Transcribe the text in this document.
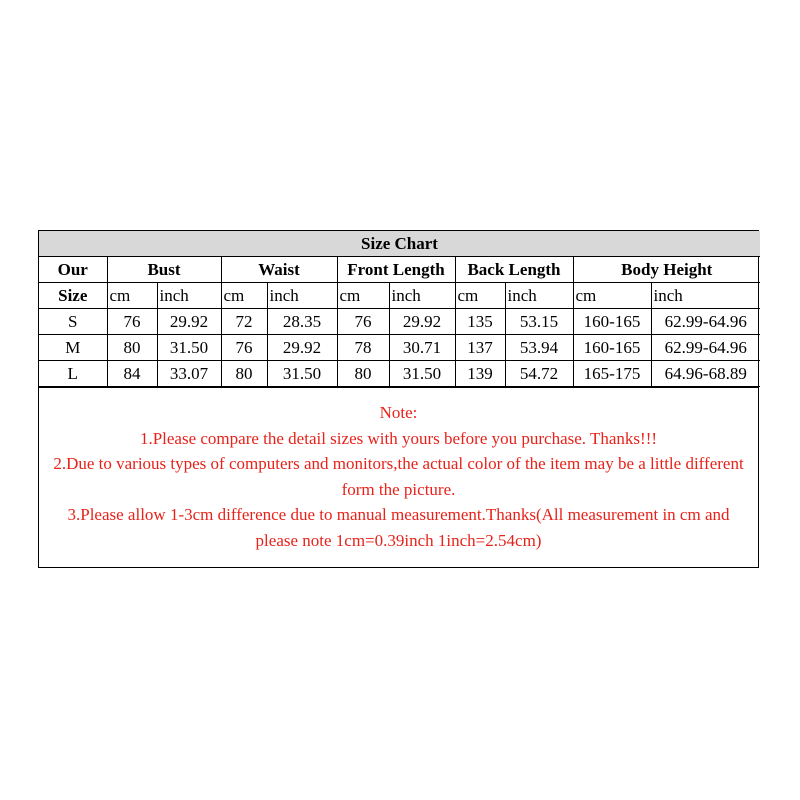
Size Chart										
Our	Bust		Waist		Front Length		Back Length		Body Height	
Size	cm	inch	cm	inch	cm	inch	cm	inch	cm	inch
S	76	29.92	72	28.35	76	29.92	135	53.15	160-165	62.99-64.96
M	80	31.50	76	29.92	78	30.71	137	53.94	160-165	62.99-64.96
L	84	33.07	80	31.50	80	31.50	139	54.72	165-175	64.96-68.89

Note:

1.Please compare the detail sizes with yours before you purchase. Thanks!!!

2.Due to various types of computers and monitors,the actual color of the item may be a little different form the picture.

3.Please allow 1-3cm difference due to manual measurement.Thanks(All measurement in cm and please note 1cm=0.39inch 1inch=2.54cm)
